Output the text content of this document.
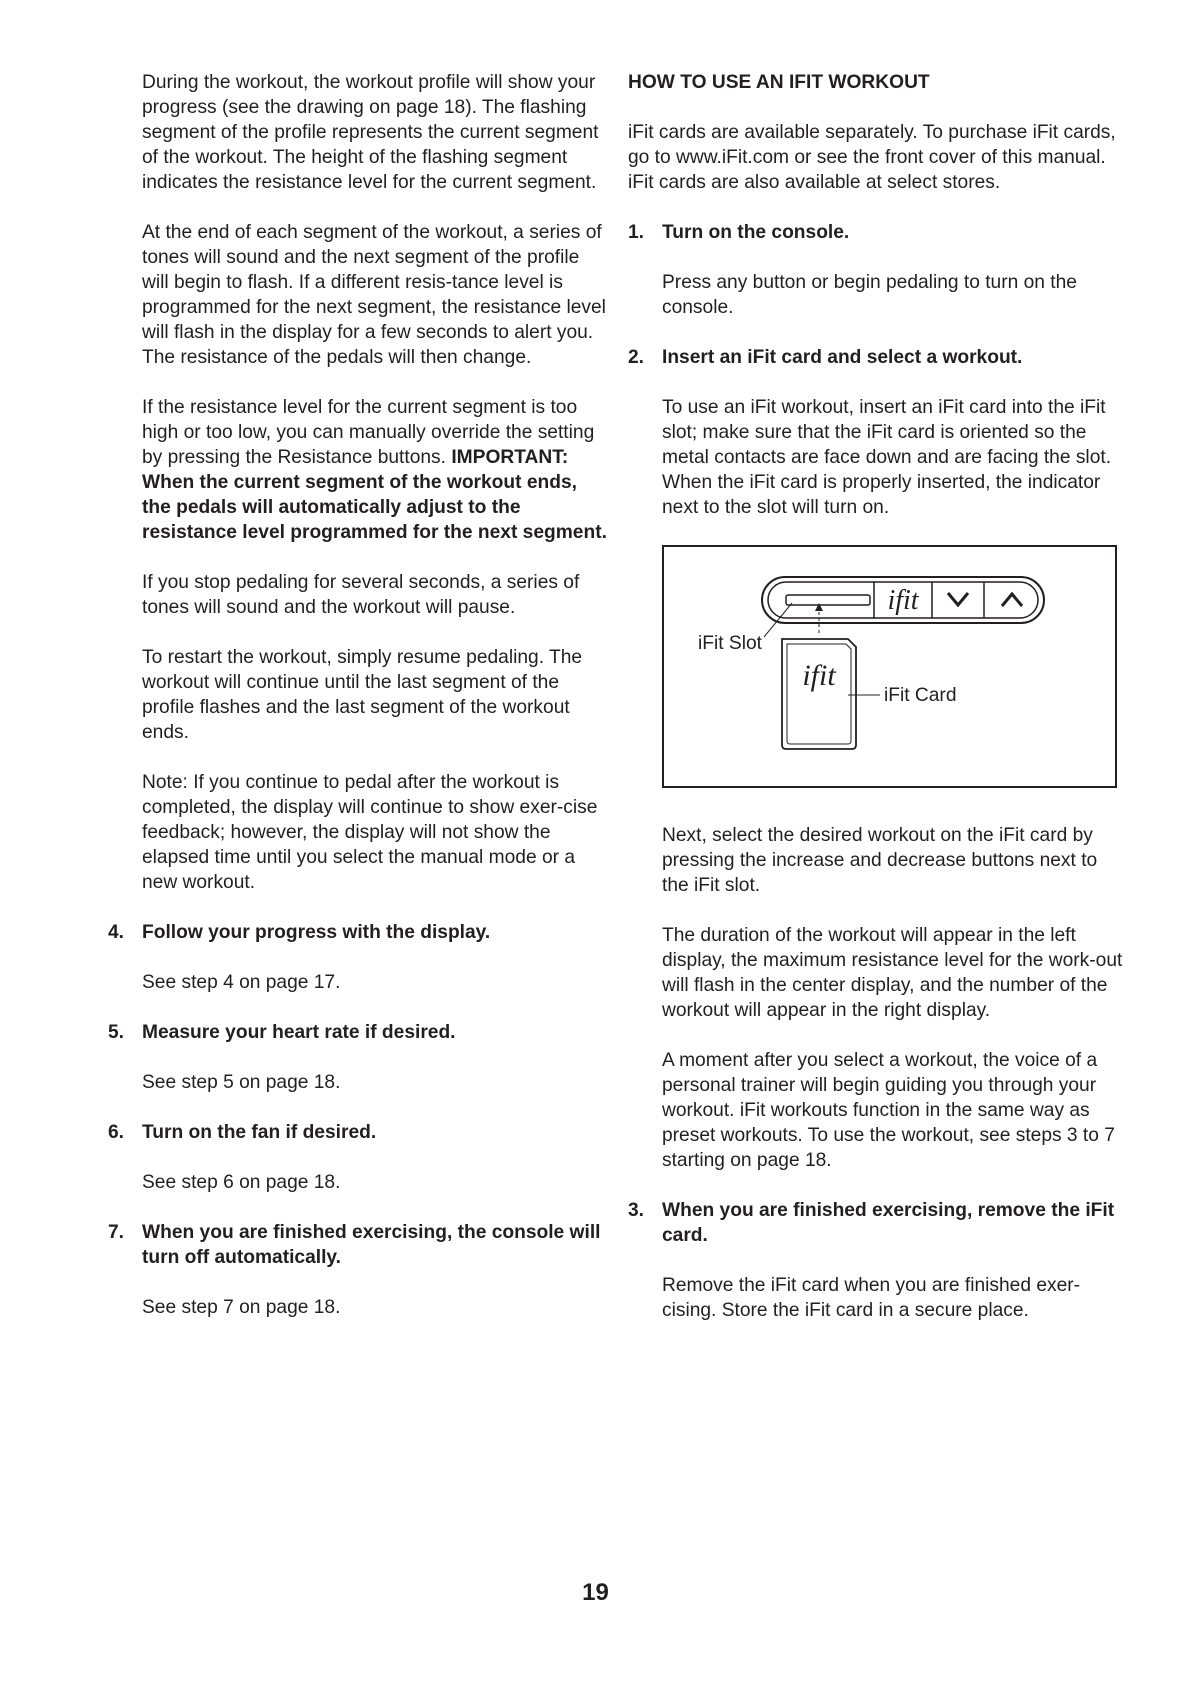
During the workout, the workout profile will show your progress (see the drawing on page 18). The flashing segment of the profile represents the current segment of the workout. The height of the flashing segment indicates the resistance level for the current segment.

At the end of each segment of the workout, a series of tones will sound and the next segment of the profile will begin to flash. If a different resis-tance level is programmed for the next segment, the resistance level will flash in the display for a few seconds to alert you. The resistance of the pedals will then change.

If the resistance level for the current segment is too high or too low, you can manually override the setting by pressing the Resistance buttons. IMPORTANT: When the current segment of the workout ends, the pedals will automatically adjust to the resistance level programmed for the next segment.

If you stop pedaling for several seconds, a series of tones will sound and the workout will pause.

To restart the workout, simply resume pedaling. The workout will continue until the last segment of the profile flashes and the last segment of the workout ends.

Note: If you continue to pedal after the workout is completed, the display will continue to show exer-cise feedback; however, the display will not show the elapsed time until you select the manual mode or a new workout.

4. Follow your progress with the display.

See step 4 on page 17.

5. Measure your heart rate if desired.

See step 5 on page 18.

6. Turn on the fan if desired.

See step 6 on page 18.

7. When you are finished exercising, the console will turn off automatically.

See step 7 on page 18.

HOW TO USE AN IFIT WORKOUT

iFit cards are available separately. To purchase iFit cards, go to www.iFit.com or see the front cover of this manual. iFit cards are also available at select stores.

1. Turn on the console.

Press any button or begin pedaling to turn on the console.

2. Insert an iFit card and select a workout.

To use an iFit workout, insert an iFit card into the iFit slot; make sure that the iFit card is oriented so the metal contacts are face down and are facing the slot. When the iFit card is properly inserted, the indicator next to the slot will turn on.

ifit
ifit
iFit Slot
iFit Card

Next, select the desired workout on the iFit card by pressing the increase and decrease buttons next to the iFit slot.

The duration of the workout will appear in the left display, the maximum resistance level for the work-out will flash in the center display, and the number of the workout will appear in the right display.

A moment after you select a workout, the voice of a personal trainer will begin guiding you through your workout. iFit workouts function in the same way as preset workouts. To use the workout, see steps 3 to 7 starting on page 18.

3. When you are finished exercising, remove the iFit card.

Remove the iFit card when you are finished exer-cising. Store the iFit card in a secure place.

19
